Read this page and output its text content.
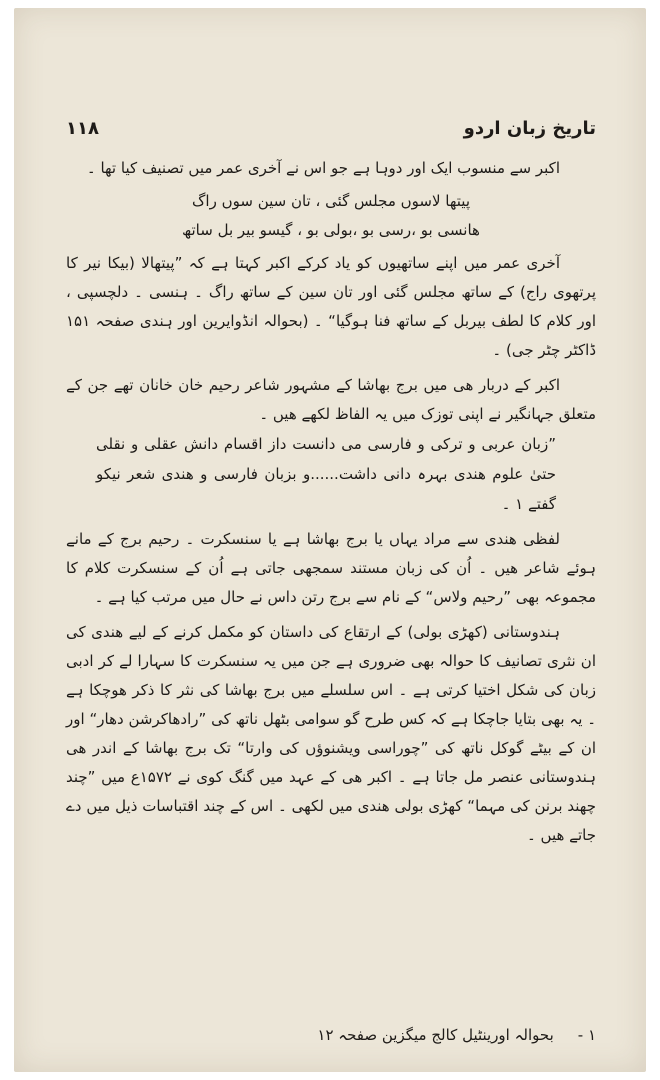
تاریخ زبان اردو
۱۱۸

اکبر سے منسوب ایک اور دوہا ہے جو اس نے آخری عمر میں تصنیف کیا تھا ۔

پیتھا لاسوں مجلس گئی ، تان سین سوں راگ
ھانسی بو ،رسی بو ،بولی بو ، گیسو بیر بل ساتھ

آخری عمر میں اپنے ساتھیوں کو یاد کرکے اکبر کہتا ہے کہ ”پیتھالا (بیکا نیر کا پرتھوی راج) کے ساتھ مجلس گئی اور تان سین کے ساتھ راگ ۔ ہنسی ۔ دلچسپی ، اور کلام کا لطف بیربل کے ساتھ فنا ہوگیا“ ۔ (بحوالہ انڈوایرین اور ہندی صفحہ ۱۵۱ ڈاکٹر چٹر جی) ۔

اکبر کے دربار ھی میں برج بھاشا کے مشہور شاعر رحیم خان خانان تھے جن کے متعلق جہانگیر نے اپنی توزک میں یہ الفاظ لکھے ھیں ۔

”زبان عربی و ترکی و فارسی می دانست داز اقسام دانش عقلی و نقلی حتیٰ علوم ھندی بہرہ دانی داشت......و بزبان فارسی و ھندی شعر نیکو گفتے ١ ۔

لفظی ھندی سے مراد یہاں یا برج بھاشا ہے یا سنسکرت ۔ رحیم برج کے مانے ہوئے شاعر ھیں ۔ اُن کی زبان مستند سمجھی جاتی ہے اُن کے سنسکرت کلام کا مجموعہ بھی ”رحیم ولاس“ کے نام سے برج رتن داس نے حال میں مرتب کیا ہے ۔

ہندوستانی (کھڑی بولی) کے ارتقاع کی داستان کو مکمل کرنے کے لیے ھندی کی ان نثری تصانیف کا حوالہ بھی ضروری ہے جن میں یہ سنسکرت کا سہارا لے کر ادبی زبان کی شکل اختیا کرتی ہے ۔ اس سلسلے میں برج بھاشا کی نثر کا ذکر ھوچکا ہے ۔ یہ بھی بتایا جاچکا ہے کہ کس طرح گو سوامی بٹھل ناتھ کی ”رادھاکرشن دھار“ اور ان کے بیٹے گوکل ناتھ کی ”چوراسی ویشنوؤں کی وارتا“ تک برج بھاشا کے اندر ھی ہندوستانی عنصر مل جاتا ہے ۔ اکبر ھی کے عہد میں گنگ کوی نے ۱۵۷۲ع میں ”چند چھند برنن کی مہما“ کھڑی بولی ھندی میں لکھی ۔ اس کے چند اقتباسات ذیل میں دے جاتے ھیں ۔

١ -
بحوالہ اورینٹیل کالج میگزین صفحہ ۱۲
